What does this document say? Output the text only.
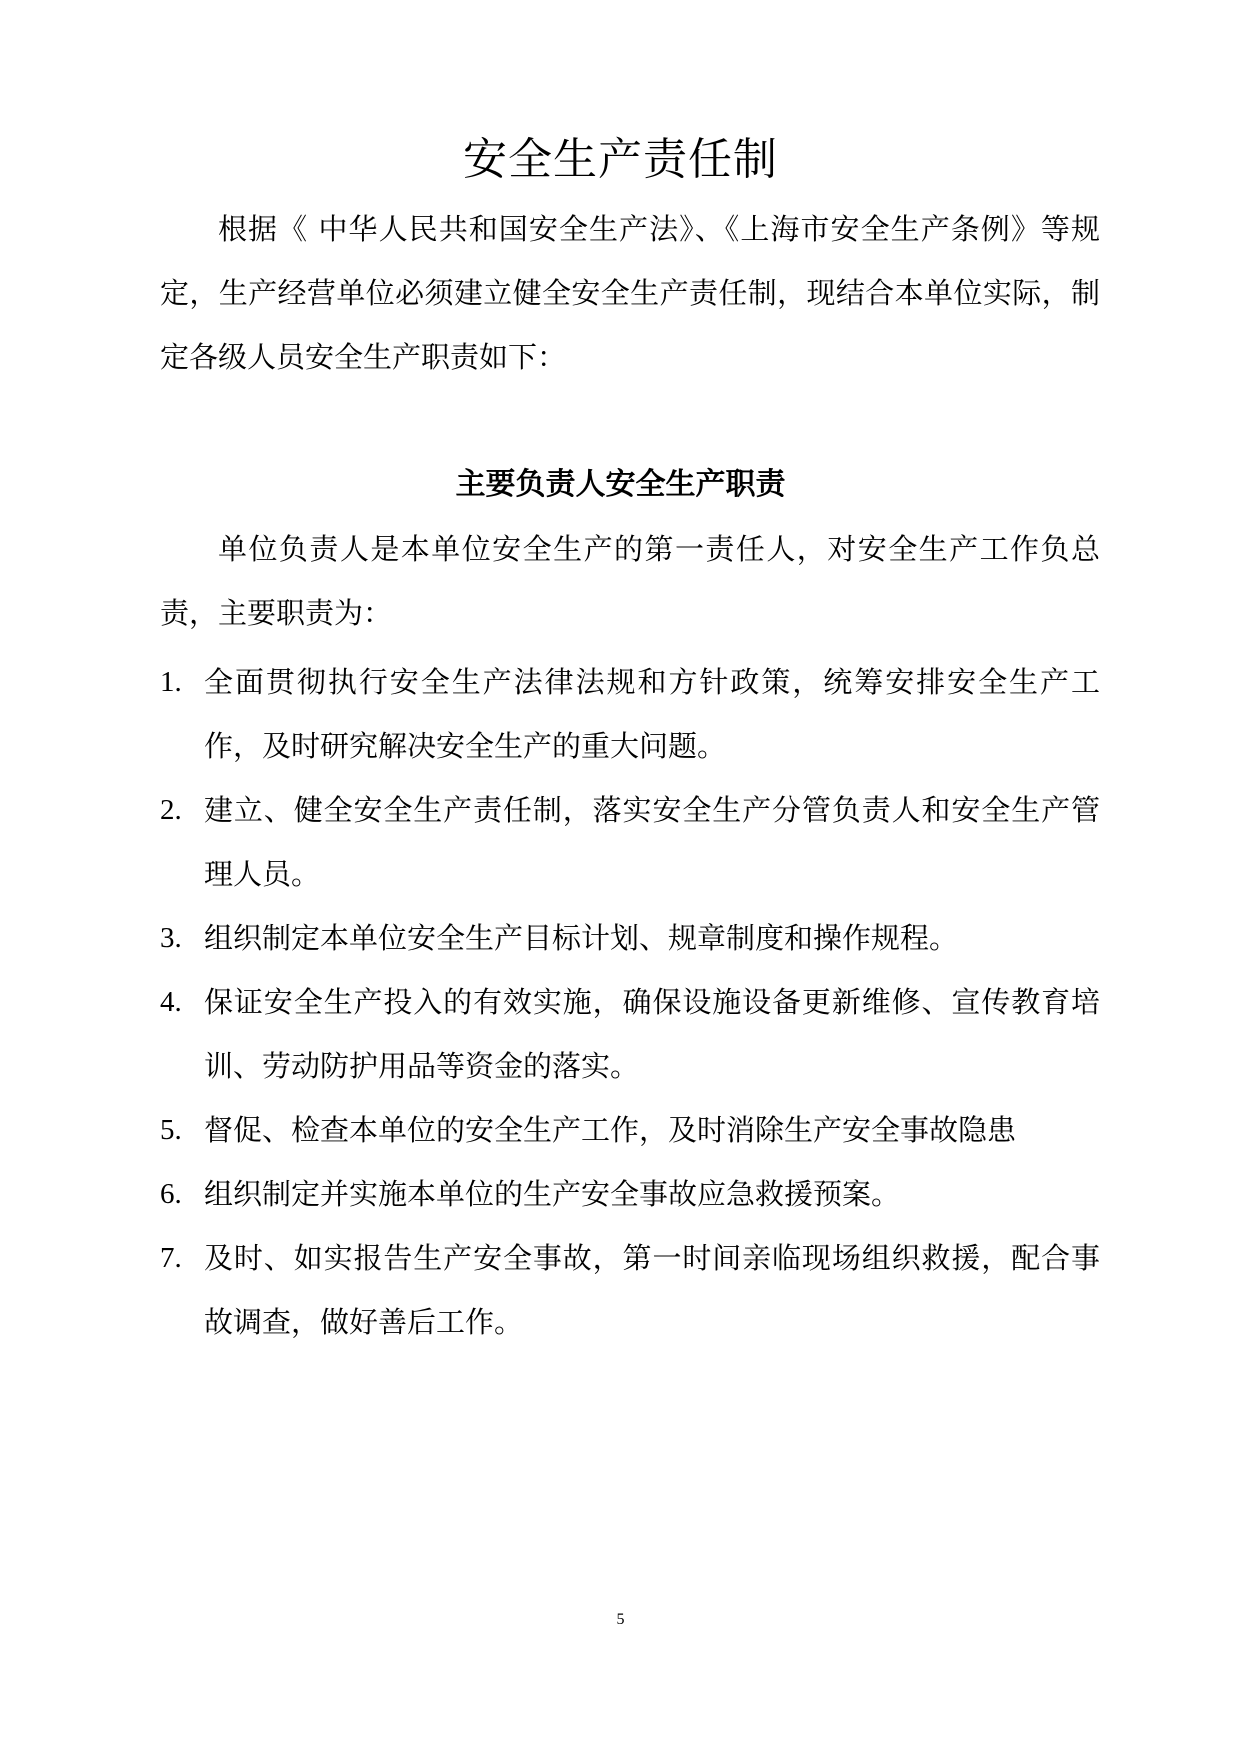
安全生产责任制

根据《 中华人民共和国安全生产法》、《上海市安全生产条例》等规定，生产经营单位必须建立健全安全生产责任制，现结合本单位实际，制定各级人员安全生产职责如下：

主要负责人安全生产职责

单位负责人是本单位安全生产的第一责任人，对安全生产工作负总责，主要职责为：

1. 全面贯彻执行安全生产法律法规和方针政策，统筹安排安全生产工作，及时研究解决安全生产的重大问题。
2. 建立、健全安全生产责任制，落实安全生产分管负责人和安全生产管理人员。
3. 组织制定本单位安全生产目标计划、规章制度和操作规程。
4. 保证安全生产投入的有效实施，确保设施设备更新维修、宣传教育培训、劳动防护用品等资金的落实。
5. 督促、检查本单位的安全生产工作，及时消除生产安全事故隐患
6. 组织制定并实施本单位的生产安全事故应急救援预案。
7. 及时、如实报告生产安全事故，第一时间亲临现场组织救援，配合事故调查，做好善后工作。
5
